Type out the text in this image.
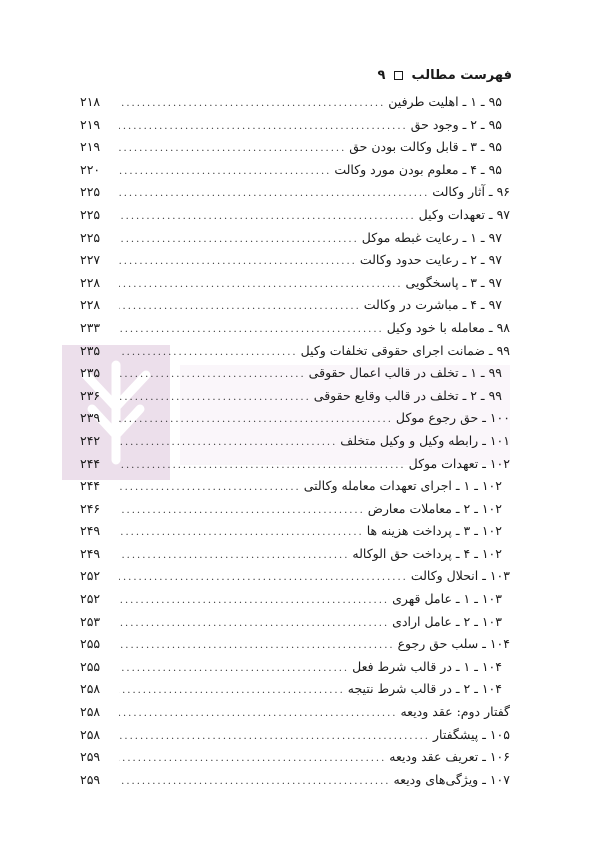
فهرست مطالب  ۹
۹۵ ـ ۱ ـ اهلیت طرفین
.....
۲۱۸
۹۵ ـ ۲ ـ وجود حق
.....
۲۱۹
۹۵ ـ ۳ ـ قابل وکالت بودن حق
.....
۲۱۹
۹۵ ـ ۴ ـ معلوم بودن مورد وکالت
.....
۲۲۰
۹۶ ـ آثار وکالت
.....
۲۲۵
۹۷ ـ تعهدات وکیل
.....
۲۲۵
۹۷ ـ ۱ ـ رعایت غبطه موکل
.....
۲۲۵
۹۷ ـ ۲ ـ رعایت حدود وکالت
.....
۲۲۷
۹۷ ـ ۳ ـ پاسخگویی
.....
۲۲۸
۹۷ ـ ۴ ـ مباشرت در وکالت
.....
۲۲۸
۹۸ ـ معامله با خود وکیل
.....
۲۳۳
۹۹ ـ ضمانت اجرای حقوقی تخلفات وکیل
.....
۲۳۵
۹۹ ـ ۱ ـ تخلف در قالب اعمال حقوقی
.....
۲۳۵
۹۹ ـ ۲ ـ تخلف در قالب وقایع حقوقی
.....
۲۳۶
۱۰۰ ـ حق رجوع موکل
.....
۲۳۹
۱۰۱ ـ رابطه وکیل و وکیل متخلف
.....
۲۴۲
۱۰۲ ـ تعهدات موکل
.....
۲۴۴
۱۰۲ ـ ۱ ـ اجرای تعهدات معامله وکالتی
.....
۲۴۴
۱۰۲ ـ ۲ ـ معاملات معارض
.....
۲۴۶
۱۰۲ ـ ۳ ـ پرداخت هزینه ها
.....
۲۴۹
۱۰۲ ـ ۴ ـ پرداخت حق الوکاله
.....
۲۴۹
۱۰۳ ـ انحلال وکالت
.....
۲۵۲
۱۰۳ ـ ۱ ـ عامل قهری
.....
۲۵۲
۱۰۳ ـ ۲ ـ عامل ارادی
.....
۲۵۳
۱۰۴ ـ سلب حق رجوع
.....
۲۵۵
۱۰۴ ـ ۱ ـ در قالب شرط فعل
.....
۲۵۵
۱۰۴ ـ ۲ ـ در قالب شرط نتیجه
.....
۲۵۸
گفتار دوم: عقد ودیعه
.....
۲۵۸
۱۰۵ ـ پیشگفتار
.....
۲۵۸
۱۰۶ ـ تعریف عقد ودیعه
.....
۲۵۹
۱۰۷ ـ ویژگی‌های ودیعه
.....
۲۵۹
